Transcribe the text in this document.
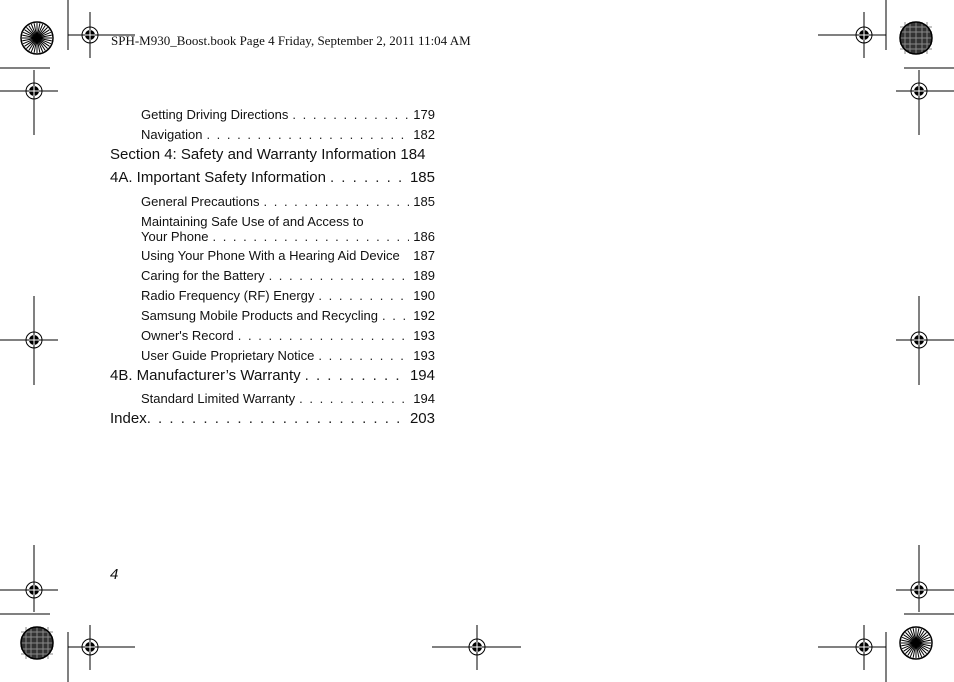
SPH-M930_Boost.book Page 4 Friday, September 2, 2011 11:04 AM
Getting Driving Directions . . .	179
Navigation . . .	182
Section 4: Safety and Warranty Information 184
4A. Important Safety Information . . .	185
General Precautions . . .	185
Maintaining Safe Use of and Access to
Your Phone . . .	186
Using Your Phone With a Hearing Aid Device 187
Caring for the Battery . . .	189
Radio Frequency (RF) Energy . . .	190
Samsung Mobile Products and Recycling . . .	192
Owner's Record . . .	193
User Guide Proprietary Notice . . .	193
4B. Manufacturer’s Warranty . . .	194
Standard Limited Warranty . . .	194
Index . . .	203
4
